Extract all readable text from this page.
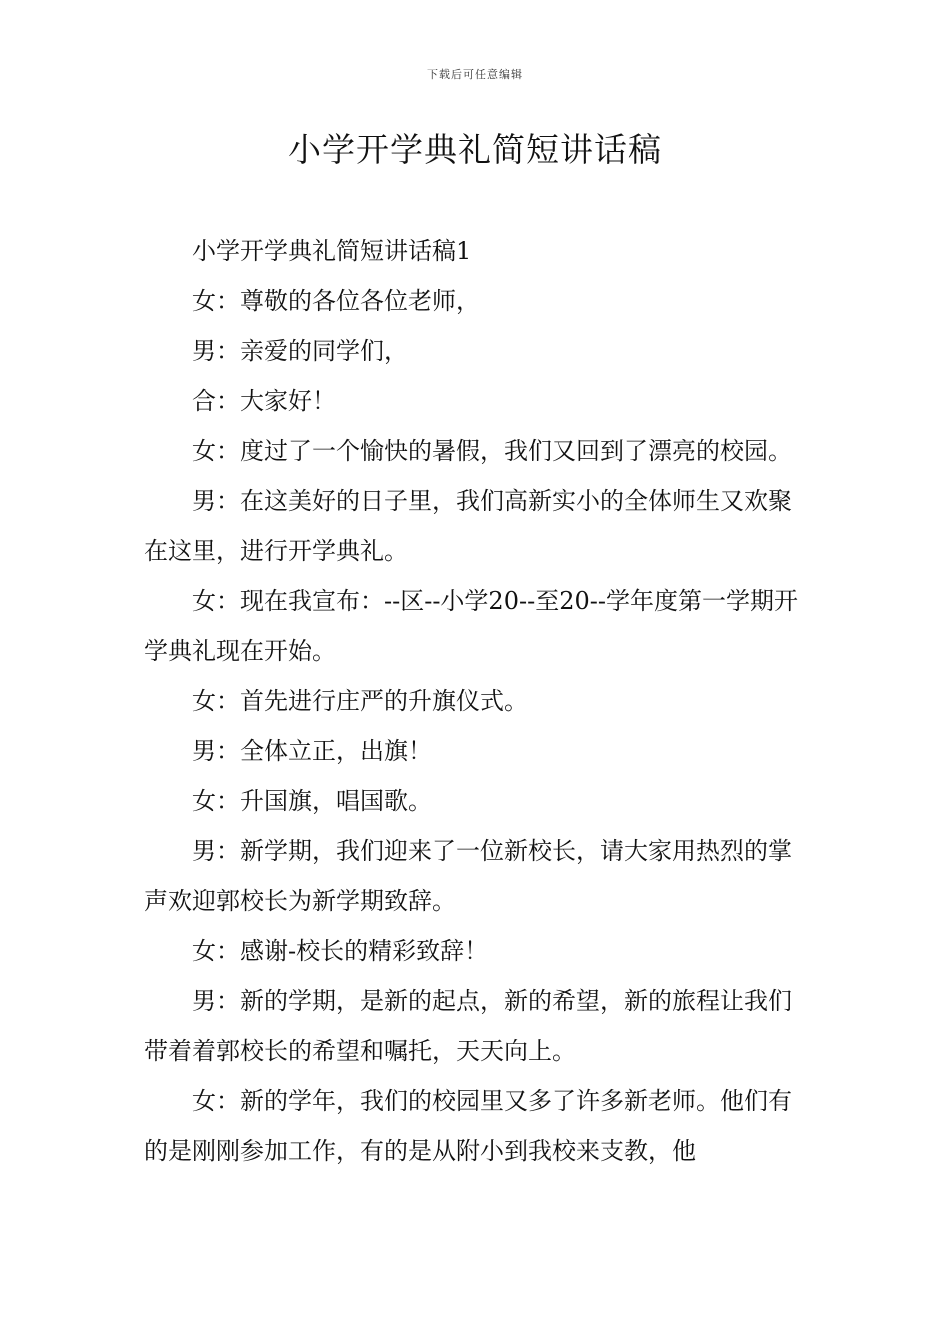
下载后可任意编辑
小学开学典礼简短讲话稿

小学开学典礼简短讲话稿1

女：尊敬的各位各位老师，

男：亲爱的同学们，

合：大家好！

女：度过了一个愉快的暑假，我们又回到了漂亮的校园。

男：在这美好的日子里，我们高新实小的全体师生又欢聚在这里，进行开学典礼。

女：现在我宣布：--区--小学20--至20--学年度第一学期开学典礼现在开始。

女：首先进行庄严的升旗仪式。

男：全体立正，出旗！

女：升国旗，唱国歌。

男：新学期，我们迎来了一位新校长，请大家用热烈的掌声欢迎郭校长为新学期致辞。

女：感谢-校长的精彩致辞！

男：新的学期，是新的起点，新的希望，新的旅程让我们带着着郭校长的希望和嘱托，天天向上。

女：新的学年，我们的校园里又多了许多新老师。他们有的是刚刚参加工作，有的是从附小到我校来支教，他
